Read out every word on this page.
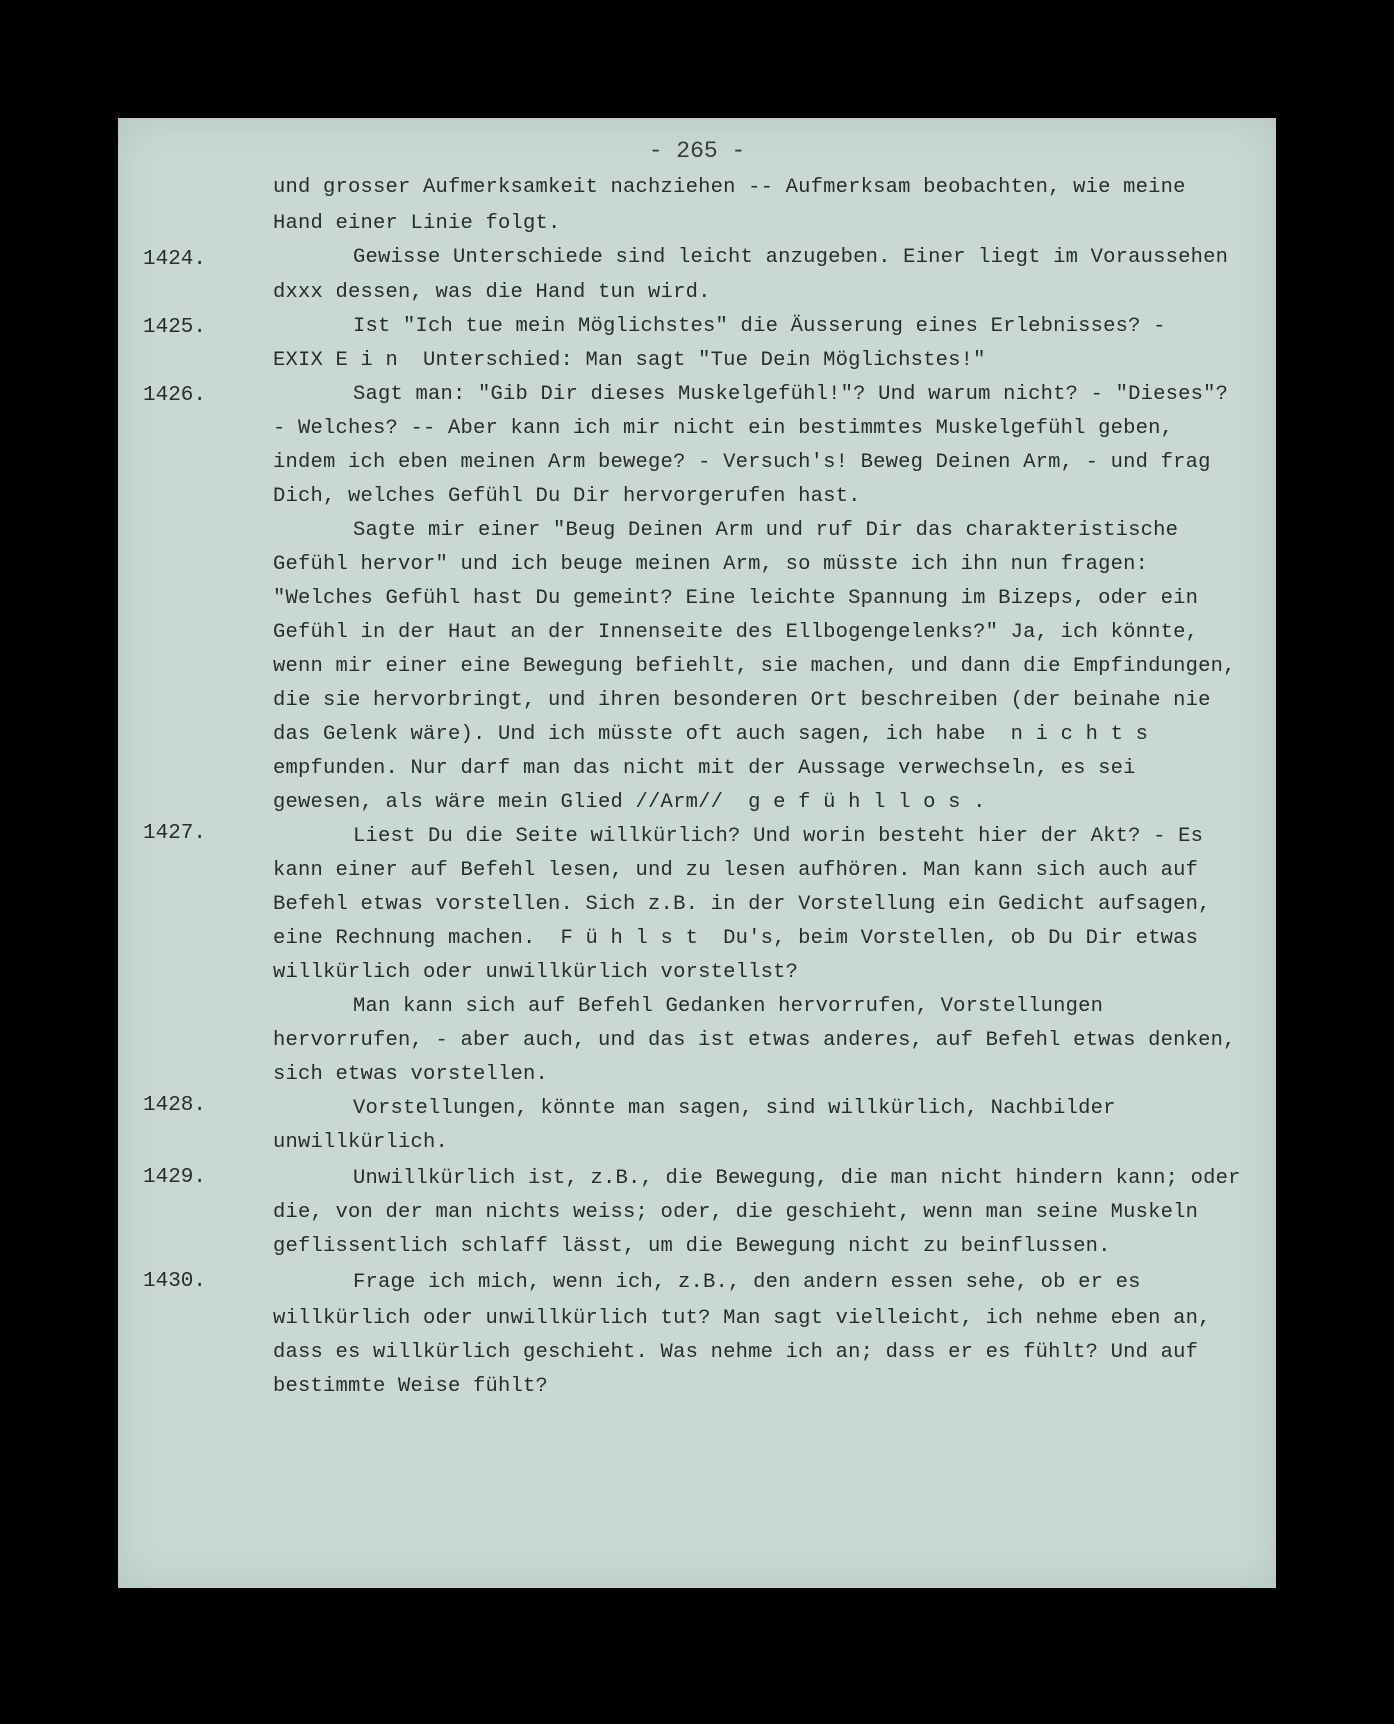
- 265 -
1424.
1425.
1426.
1427.
1428.
1429.
1430.
und grosser Aufmerksamkeit nachziehen -- Aufmerksam beobachten, wie meine
Hand einer Linie folgt.
Gewisse Unterschiede sind leicht anzugeben. Einer liegt im Voraussehen
dxxx dessen, was die Hand tun wird.
Ist "Ich tue mein Möglichstes" die Äusserung eines Erlebnisses? -
EXIX E i n  Unterschied: Man sagt "Tue Dein Möglichstes!"
Sagt man: "Gib Dir dieses Muskelgefühl!"? Und warum nicht? - "Dieses"?
- Welches? -- Aber kann ich mir nicht ein bestimmtes Muskelgefühl geben,
indem ich eben meinen Arm bewege? - Versuch's! Beweg Deinen Arm, - und frag
Dich, welches Gefühl Du Dir hervorgerufen hast.
Sagte mir einer "Beug Deinen Arm und ruf Dir das charakteristische
Gefühl hervor" und ich beuge meinen Arm, so müsste ich ihn nun fragen:
"Welches Gefühl hast Du gemeint? Eine leichte Spannung im Bizeps, oder ein
Gefühl in der Haut an der Innenseite des Ellbogengelenks?" Ja, ich könnte,
wenn mir einer eine Bewegung befiehlt, sie machen, und dann die Empfindungen,
die sie hervorbringt, und ihren besonderen Ort beschreiben (der beinahe nie
das Gelenk wäre). Und ich müsste oft auch sagen, ich habe  n i c h t s
empfunden. Nur darf man das nicht mit der Aussage verwechseln, es sei
gewesen, als wäre mein Glied //Arm//  g e f ü h l l o s .
Liest Du die Seite willkürlich? Und worin besteht hier der Akt? - Es
kann einer auf Befehl lesen, und zu lesen aufhören. Man kann sich auch auf
Befehl etwas vorstellen. Sich z.B. in der Vorstellung ein Gedicht aufsagen,
eine Rechnung machen.  F ü h l s t  Du's, beim Vorstellen, ob Du Dir etwas
willkürlich oder unwillkürlich vorstellst?
Man kann sich auf Befehl Gedanken hervorrufen, Vorstellungen
hervorrufen, - aber auch, und das ist etwas anderes, auf Befehl etwas denken,
sich etwas vorstellen.
Vorstellungen, könnte man sagen, sind willkürlich, Nachbilder
unwillkürlich.
Unwillkürlich ist, z.B., die Bewegung, die man nicht hindern kann; oder
die, von der man nichts weiss; oder, die geschieht, wenn man seine Muskeln
geflissentlich schlaff lässt, um die Bewegung nicht zu beinflussen.
Frage ich mich, wenn ich, z.B., den andern essen sehe, ob er es
willkürlich oder unwillkürlich tut? Man sagt vielleicht, ich nehme eben an,
dass es willkürlich geschieht. Was nehme ich an; dass er es fühlt? Und auf
bestimmte Weise fühlt?
